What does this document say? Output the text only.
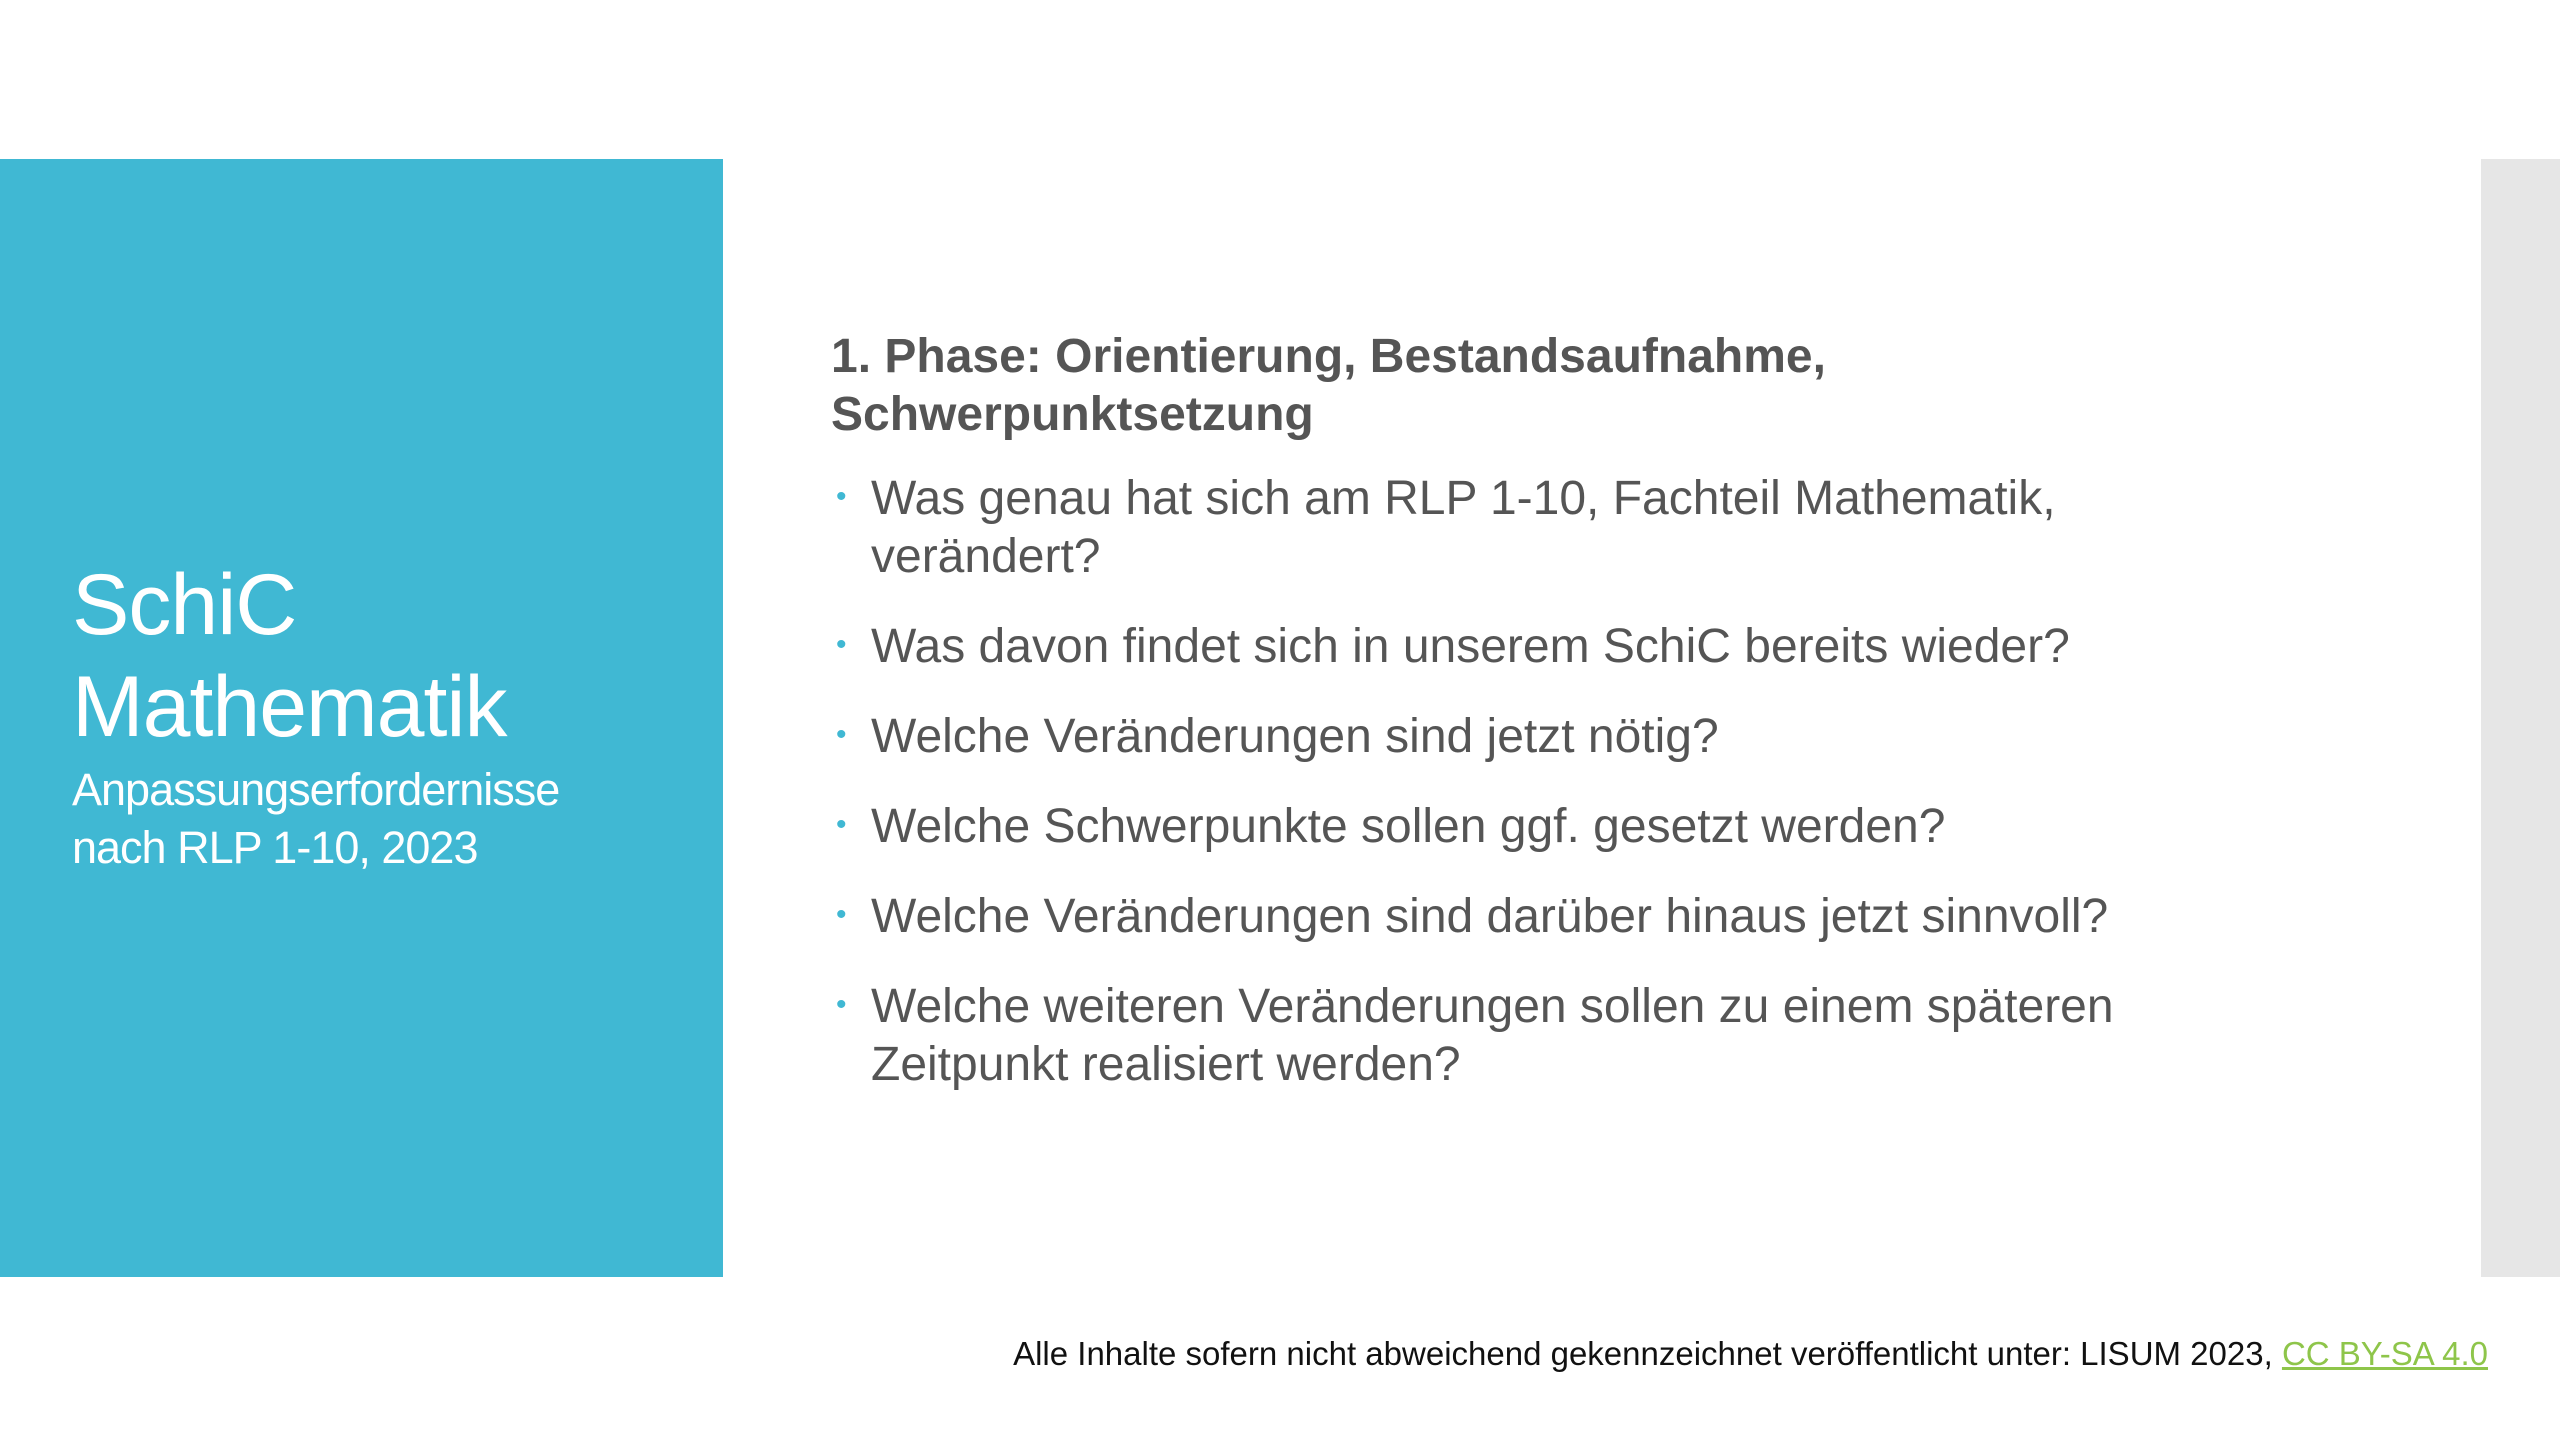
SchiC
Mathematik
Anpassungserfordernisse
nach RLP 1-10, 2023
1. Phase: Orientierung, Bestandsaufnahme, Schwerpunktsetzung
• Was genau hat sich am RLP 1-10, Fachteil Mathematik, verändert?
• Was davon findet sich in unserem SchiC bereits wieder?
• Welche Veränderungen sind jetzt nötig?
• Welche Schwerpunkte sollen ggf. gesetzt werden?
• Welche Veränderungen sind darüber hinaus jetzt sinnvoll?
• Welche weiteren Veränderungen sollen zu einem späteren Zeitpunkt realisiert werden?
Alle Inhalte sofern nicht abweichend gekennzeichnet veröffentlicht unter: LISUM 2023, CC BY-SA 4.0
